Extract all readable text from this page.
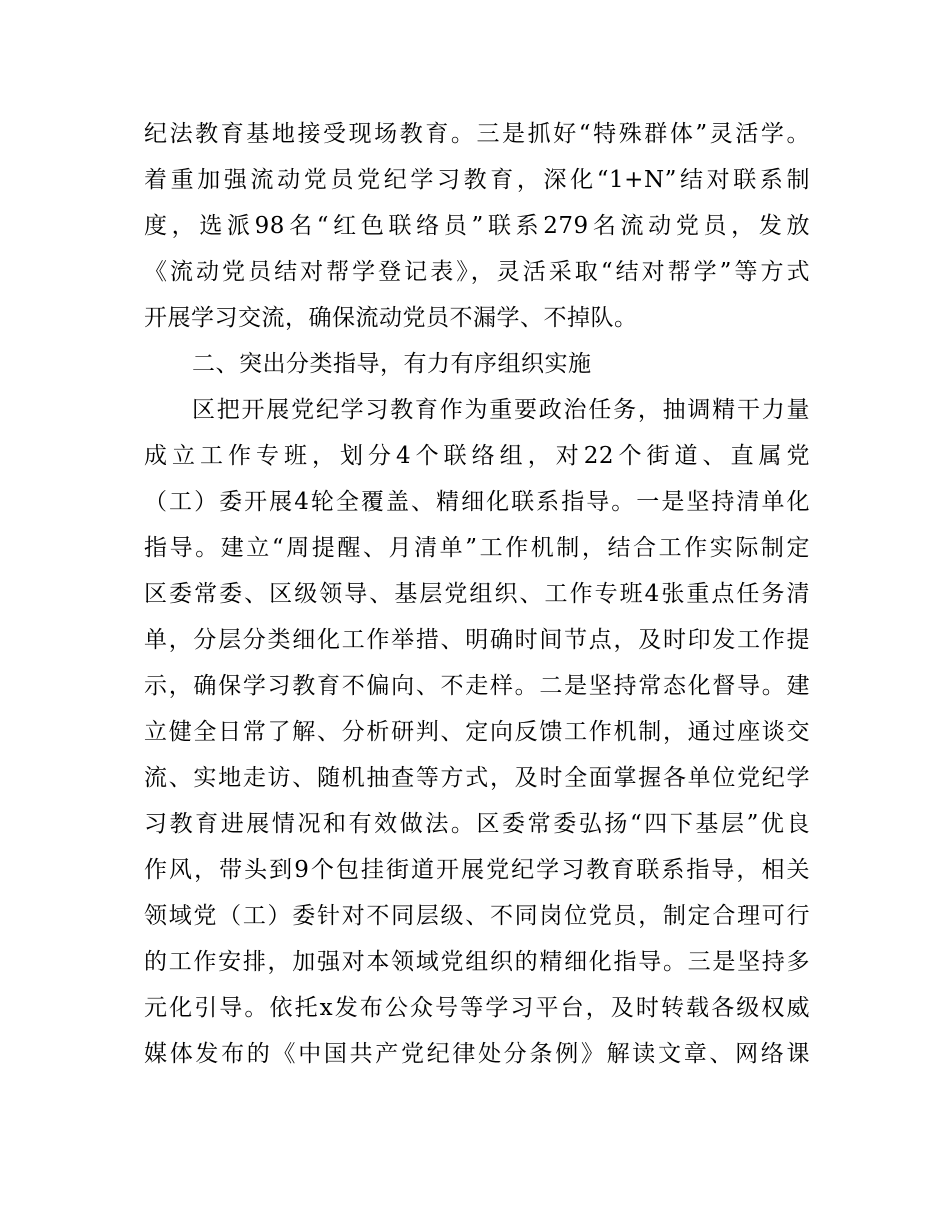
纪法教育基地接受现场教育。三是抓好“特殊群体”灵活学。
着重加强流动党员党纪学习教育，深化“1+N”结对联系制
度，选派98名“红色联络员”联系279名流动党员，发放
《流动党员结对帮学登记表》，灵活采取“结对帮学”等方式
开展学习交流，确保流动党员不漏学、不掉队。
二、突出分类指导，有力有序组织实施
区把开展党纪学习教育作为重要政治任务，抽调精干力量
成立工作专班，划分4个联络组，对22个街道、直属党
（工）委开展4轮全覆盖、精细化联系指导。一是坚持清单化
指导。建立“周提醒、月清单”工作机制，结合工作实际制定
区委常委、区级领导、基层党组织、工作专班4张重点任务清
单，分层分类细化工作举措、明确时间节点，及时印发工作提
示，确保学习教育不偏向、不走样。二是坚持常态化督导。建
立健全日常了解、分析研判、定向反馈工作机制，通过座谈交
流、实地走访、随机抽查等方式，及时全面掌握各单位党纪学
习教育进展情况和有效做法。区委常委弘扬“四下基层”优良
作风，带头到9个包挂街道开展党纪学习教育联系指导，相关
领域党（工）委针对不同层级、不同岗位党员，制定合理可行
的工作安排，加强对本领域党组织的精细化指导。三是坚持多
元化引导。依托x发布公众号等学习平台，及时转载各级权威
媒体发布的《中国共产党纪律处分条例》解读文章、网络课
